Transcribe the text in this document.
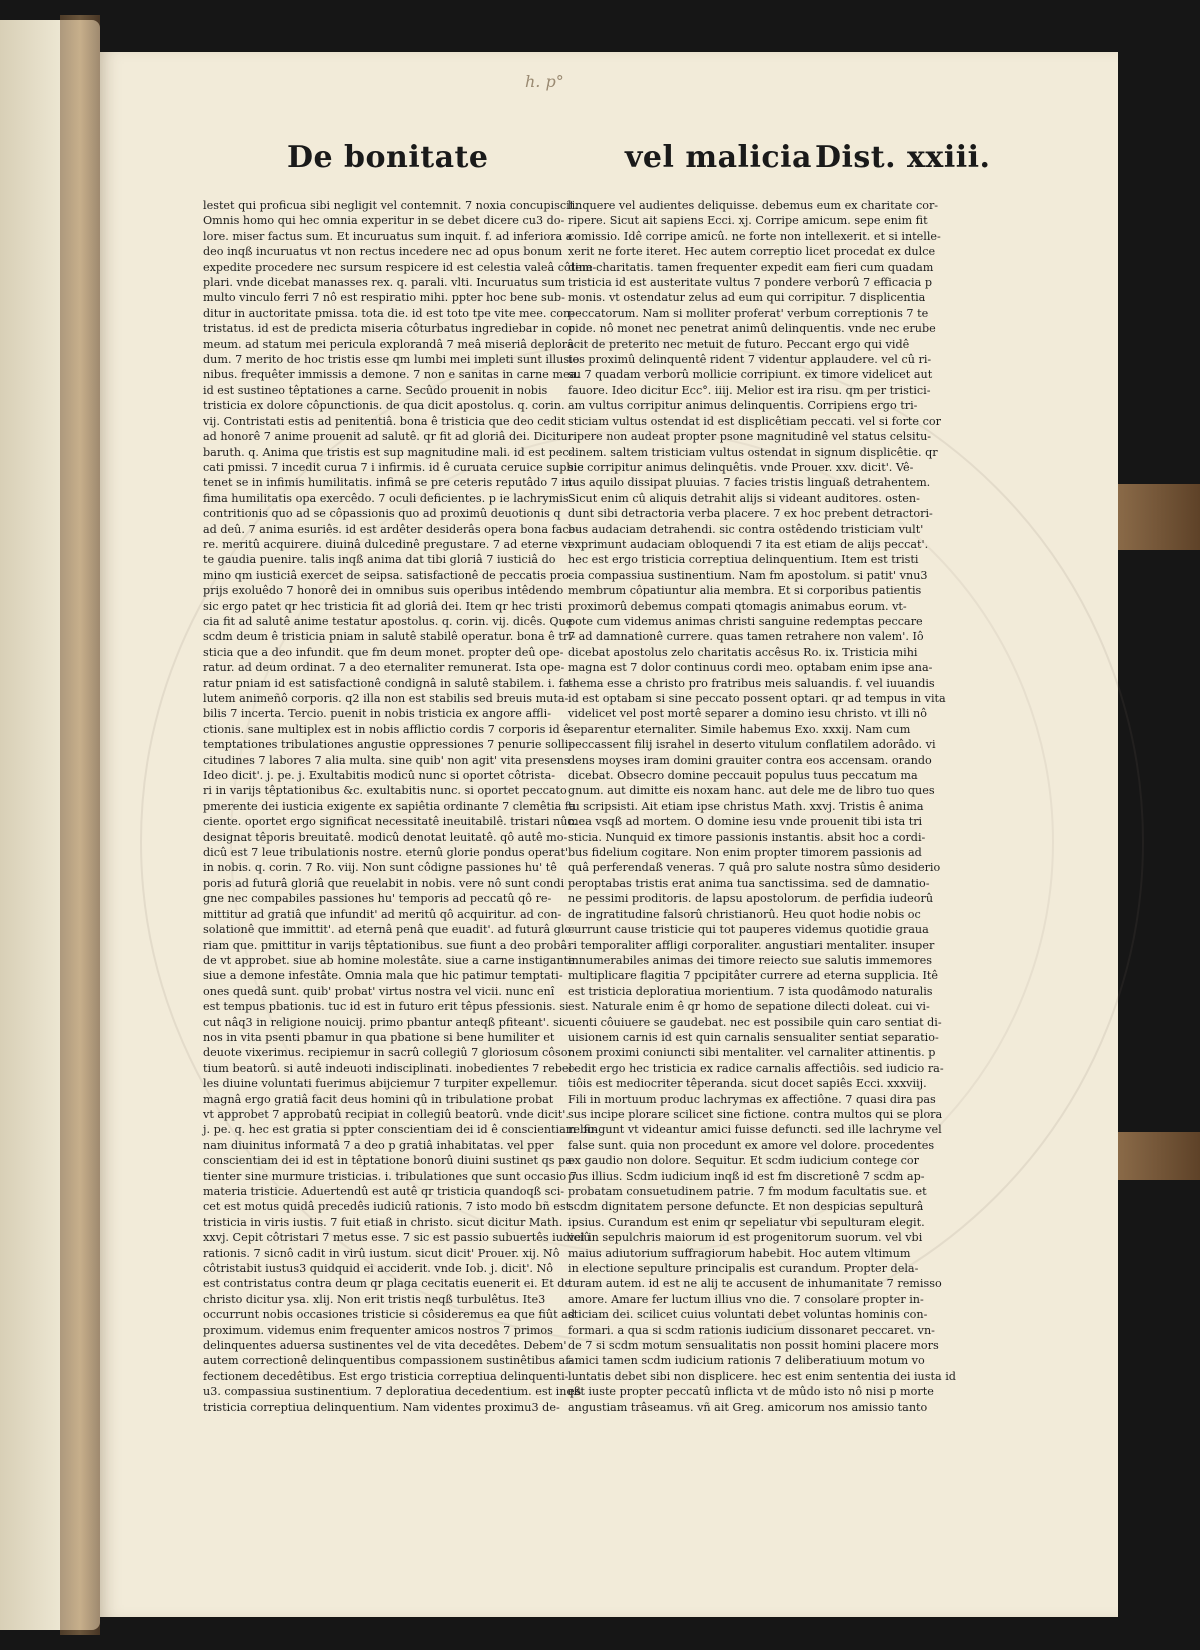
h. p°
De bonitate	vel malicia Dist. xxiii.
lestet qui proficua sibi negligit vel contemnit. 7 noxia concupiscit.
Omnis homo qui hec omnia experitur in se debet dicere cu3 do-
lore. miser factus sum. Et incuruatus sum inquit. f. ad inferiora a
deo inqß incuruatus vt non rectus incedere nec ad opus bonum
expedite procedere nec sursum respicere id est celestia valeâ côtem-
plari. vnde dicebat manasses rex. q. parali. vlti. Incuruatus sum
multo vinculo ferri 7 nô est respiratio mihi. ppter hoc bene sub-
ditur in auctoritate pmissa. tota die. id est toto tpe vite mee. con-
tristatus. id est de predicta miseria côturbatus ingrediebar in cor
meum. ad statum mei pericula explorandâ 7 meâ miseriâ deplorâ
dum. 7 merito de hoc tristis esse qm lumbi mei impleti sunt illusio
nibus. frequêter immissis a demone. 7 non e sanitas in carne mea.
id est sustineo têptationes a carne. Secûdo prouenit in nobis
tristicia ex dolore côpunctionis. de qua dicit apostolus. q. corin.
vij. Contristati estis ad penitentiâ. bona ê tristicia que deo cedit
ad honorê 7 anime prouenit ad salutê. qr fit ad gloriâ dei. Dicitur
baruth. q. Anima que tristis est sup magnitudine mali. id est pec-
cati pmissi. 7 incedit curua 7 i infirmis. id ê curuata ceruice supbie
tenet se in infimis humilitatis. infimâ se pre ceteris reputâdo 7 in-
fima humilitatis opa exercêdo. 7 oculi deficientes. p ie lachrymis
contritionis quo ad se côpassionis quo ad proximû deuotionis q
ad deû. 7 anima esuriês. id est ardêter desiderâs opera bona face-
re. meritû acquirere. diuinâ dulcedinê pregustare. 7 ad eterne vi-
te gaudia puenire. talis inqß anima dat tibi gloriâ 7 iusticiâ do
mino qm iusticiâ exercet de seipsa. satisfactionê de peccatis pro-
prijs exoluêdo 7 honorê dei in omnibus suis operibus intêdendo
sic ergo patet qr hec tristicia fit ad gloriâ dei. Item qr hec tristi
cia fit ad salutê anime testatur apostolus. q. corin. vij. dicês. Que
scdm deum ê tristicia pniam in salutê stabilê operatur. bona ê tri-
sticia que a deo infundit. que fm deum monet. propter deû ope-
ratur. ad deum ordinat. 7 a deo eternaliter remunerat. Ista ope-
ratur pniam id est satisfactionê condignâ in salutê stabilem. i. fa-
lutem animeñô corporis. q2 illa non est stabilis sed breuis muta-
bilis 7 incerta. Tercio. puenit in nobis tristicia ex angore affli-
ctionis. sane multiplex est in nobis afflictio cordis 7 corporis id ê
temptationes tribulationes angustie oppressiones 7 penurie solli-
citudines 7 labores 7 alia multa. sine quib' non agit' vita presens
Ideo dicit'. j. pe. j. Exultabitis modicû nunc si oportet côtrista-
ri in varijs têptationibus &c. exultabitis nunc. si oportet peccato
pmerente dei iusticia exigente ex sapiêtia ordinante 7 clemêtia fa
ciente. oportet ergo significat necessitatê ineuitabilê. tristari nûc.
designat têporis breuitatê. modicû denotat leuitatê. qô autê mo-
dicû est 7 leue tribulationis nostre. eternû glorie pondus operat'
in nobis. q. corin. 7 Ro. viij. Non sunt côdigne passiones hu' tê
poris ad futurâ gloriâ que reuelabit in nobis. vere nô sunt condi
gne nec compabiles passiones hu' temporis ad peccatû qô re-
mittitur ad gratiâ que infundit' ad meritû qô acquiritur. ad con-
solationê que immittit'. ad eternâ penâ que euadit'. ad futurâ glo-
riam que. pmittitur in varijs têptationibus. sue fiunt a deo probâ-
de vt approbet. siue ab homine molestâte. siue a carne instigante.
siue a demone infestâte. Omnia mala que hic patimur temptati-
ones quedâ sunt. quib' probat' virtus nostra vel vicii. nunc enî
est tempus pbationis. tuc id est in futuro erit têpus pfessionis. si
cut nâq3 in religione nouicij. primo pbantur anteqß pfiteant'. sic
nos in vita psenti pbamur in qua pbatione si bene humiliter et
deuote vixerimus. recipiemur in sacrû collegiû 7 gloriosum côsor
tium beatorû. si autê indeuoti indisciplinati. inobedientes 7 rebel-
les diuine voluntati fuerimus abijciemur 7 turpiter expellemur.
magnâ ergo gratiâ facit deus homini qû in tribulatione probat
vt approbet 7 approbatû recipiat in collegiû beatorû. vnde dicit'.
j. pe. q. hec est gratia si ppter conscientiam dei id ê conscientiam bo-
nam diuinitus informatâ 7 a deo p gratiâ inhabitatas. vel pper
conscientiam dei id est in têptatione bonorû diuini sustinet qs pa-
tienter sine murmure tristicias. i. tribulationes que sunt occasio 7
materia tristicie. Aduertendû est autê qr tristicia quandoqß sci-
cet est motus quidâ precedês iudiciû rationis. 7 isto modo bñ est
tristicia in viris iustis. 7 fuit etiaß in christo. sicut dicitur Math.
xxvj. Cepit côtristari 7 metus esse. 7 sic est passio subuertês iudiciû
rationis. 7 sicnô cadit in virû iustum. sicut dicit' Prouer. xij. Nô
côtristabit iustus3 quidquid ei acciderit. vnde Iob. j. dicit'. Nô
est contristatus contra deum qr plaga cecitatis euenerit ei. Et de
christo dicitur ysa. xlij. Non erit tristis neqß turbulêtus. Ite3
occurrunt nobis occasiones tristicie si côsideremus ea que fiût ad
proximum. videmus enim frequenter amicos nostros 7 primos
delinquentes aduersa sustinentes vel de vita decedêtes. Debem'
autem correctionê delinquentibus compassionem sustinêtibus af-
fectionem decedêtibus. Est ergo tristicia correptiua delinquenti-
u3. compassiua sustinentium. 7 deploratiua decedentium. est inqß
tristicia correptiua delinquentium. Nam videntes proximu3 de-
linquere vel audientes deliquisse. debemus eum ex charitate cor-
ripere. Sicut ait sapiens Ecci. xj. Corripe amicum. sepe enim fit
comissio. Idê corripe amicû. ne forte non intellexerit. et si intelle-
xerit ne forte iteret. Hec autem correptio licet procedat ex dulce
dine charitatis. tamen frequenter expedit eam fieri cum quadam
tristicia id est austeritate vultus 7 pondere verborû 7 efficacia p
monis. vt ostendatur zelus ad eum qui corripitur. 7 displicentia
peccatorum. Nam si molliter proferat' verbum correptionis 7 te
pide. nô monet nec penetrat animû delinquentis. vnde nec erube
scit de preterito nec metuit de futuro. Peccant ergo qui vidê
tes proximû delinquentê rident 7 videntur applaudere. vel cû ri-
su 7 quadam verborû mollicie corripiunt. ex timore videlicet aut
fauore. Ideo dicitur Ecc°. iiij. Melior est ira risu. qm per tristici-
am vultus corripitur animus delinquentis. Corripiens ergo tri-
sticiam vultus ostendat id est displicêtiam peccati. vel si forte cor
ripere non audeat propter psone magnitudinê vel status celsitu-
dinem. saltem tristiciam vultus ostendat in signum displicêtie. qr
sic corripitur animus delinquêtis. vnde Prouer. xxv. dicit'. Vê-
tus aquilo dissipat pluuias. 7 facies tristis linguaß detrahentem.
Sicut enim cû aliquis detrahit alijs si videant auditores. osten-
dunt sibi detractoria verba placere. 7 ex hoc prebent detractori-
bus audaciam detrahendi. sic contra ostêdendo tristiciam vult'
exprimunt audaciam obloquendi 7 ita est etiam de alijs peccat'.
hec est ergo tristicia correptiua delinquentium. Item est tristi
cia compassiua sustinentium. Nam fm apostolum. si patit' vnu3
membrum côpatiuntur alia membra. Et si corporibus patientis
proximorû debemus compati qtomagis animabus eorum. vt-
pote cum videmus animas christi sanguine redemptas peccare
7 ad damnationê currere. quas tamen retrahere non valem'. Iô
dicebat apostolus zelo charitatis accêsus Ro. ix. Tristicia mihi
magna est 7 dolor continuus cordi meo. optabam enim ipse ana-
thema esse a christo pro fratribus meis saluandis. f. vel iuuandis
id est optabam si sine peccato possent optari. qr ad tempus in vita
videlicet vel post mortê separer a domino iesu christo. vt illi nô
separentur eternaliter. Simile habemus Exo. xxxij. Nam cum
peccassent filij israhel in deserto vitulum conflatilem adorâdo. vi
dens moyses iram domini grauiter contra eos accensam. orando
dicebat. Obsecro domine peccauit populus tuus peccatum ma
gnum. aut dimitte eis noxam hanc. aut dele me de libro tuo ques
tu scripsisti. Ait etiam ipse christus Math. xxvj. Tristis ê anima
mea vsqß ad mortem. O domine iesu vnde prouenit tibi ista tri
sticia. Nunquid ex timore passionis instantis. absit hoc a cordi-
bus fidelium cogitare. Non enim propter timorem passionis ad
quâ perferendaß veneras. 7 quâ pro salute nostra sûmo desiderio
peroptabas tristis erat anima tua sanctissima. sed de damnatio-
ne pessimi proditoris. de lapsu apostolorum. de perfidia iudeorû
de ingratitudine falsorû christianorû. Heu quot hodie nobis oc
currunt cause tristicie qui tot pauperes videmus quotidie graua
ri temporaliter affligi corporaliter. angustiari mentaliter. insuper
innumerabiles animas dei timore reiecto sue salutis immemores
multiplicare flagitia 7 ppcipitâter currere ad eterna supplicia. Itê
est tristicia deploratiua morientium. 7 ista quodâmodo naturalis
est. Naturale enim ê qr homo de sepatione dilecti doleat. cui vi-
uenti côuiuere se gaudebat. nec est possibile quin caro sentiat di-
uisionem carnis id est quin carnalis sensualiter sentiat separatio-
nem proximi coniuncti sibi mentaliter. vel carnaliter attinentis. p
cedit ergo hec tristicia ex radice carnalis affectiôis. sed iudicio ra-
tiôis est mediocriter têperanda. sicut docet sapiês Ecci. xxxviij.
Fili in mortuum produc lachrymas ex affectiône. 7 quasi dira pas
sus incipe plorare scilicet sine fictione. contra multos qui se plora
re fingunt vt videantur amici fuisse defuncti. sed ille lachryme vel
false sunt. quia non procedunt ex amore vel dolore. procedentes
ex gaudio non dolore. Sequitur. Et scdm iudicium contege cor
pus illius. Scdm iudicium inqß id est fm discretionê 7 scdm ap-
probatam consuetudinem patrie. 7 fm modum facultatis sue. et
scdm dignitatem persone defuncte. Et non despicias sepulturâ
ipsius. Curandum est enim qr sepeliatur vbi sepulturam elegit.
vel in sepulchris maiorum id est progenitorum suorum. vel vbi
maius adiutorium suffragiorum habebit. Hoc autem vltimum
in electione sepulture principalis est curandum. Propter dela-
turam autem. id est ne alij te accusent de inhumanitate 7 remisso
amore. Amare fer luctum illius vno die. 7 consolare propter in-
sticiam dei. scilicet cuius voluntati debet voluntas hominis con-
formari. a qua si scdm rationis iudicium dissonaret peccaret. vn-
de 7 si scdm motum sensualitatis non possit homini placere mors
amici tamen scdm iudicium rationis 7 deliberatiuum motum vo
luntatis debet sibi non displicere. hec est enim sententia dei iusta id
est iuste propter peccatû inflicta vt de mûdo isto nô nisi p morte
angustiam trâseamus. vñ ait Greg. amicorum nos amissio tanto
